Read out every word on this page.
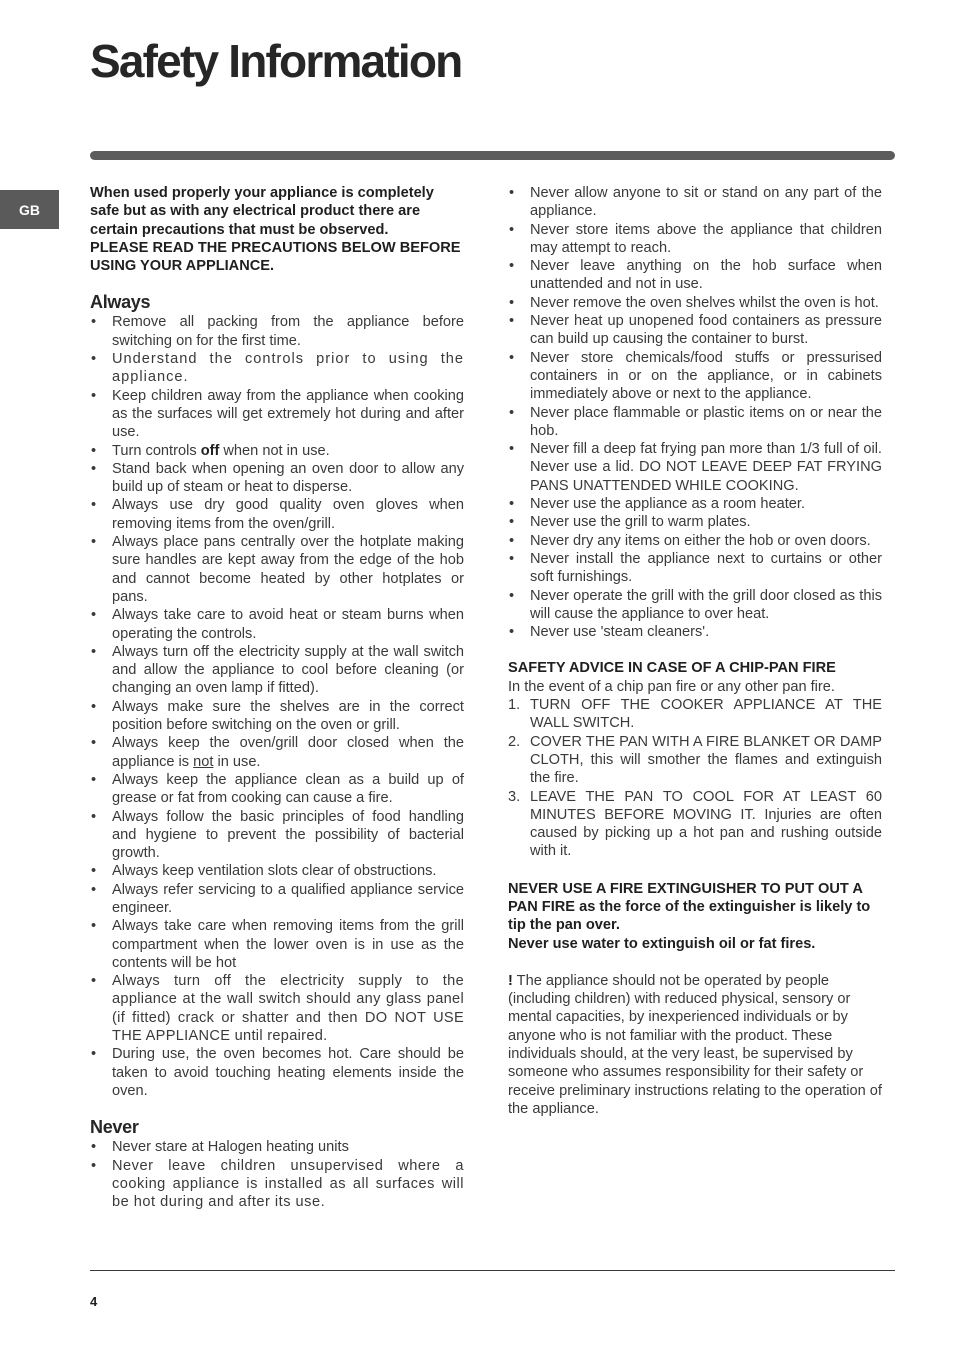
Safety Information
GB

When used properly your appliance is completely safe but as with any electrical product there are certain precautions that must be observed.
PLEASE READ THE PRECAUTIONS BELOW BEFORE USING YOUR APPLIANCE.

Always
• Remove all packing from the appliance before switching on for the first time.
• Understand the controls prior to using the appliance.
• Keep children away from the appliance when cooking as the surfaces will get extremely hot during and after use.
• Turn controls off when not in use.
• Stand back when opening an oven door to allow any build up of steam or heat to disperse.
• Always use dry good quality oven gloves when removing items from the oven/grill.
• Always place pans centrally over the hotplate making sure handles are kept away from the edge of the hob and cannot become heated by other hotplates or pans.
• Always take care to avoid heat or steam burns when operating the controls.
• Always turn off the electricity supply at the wall switch and allow the appliance to cool before cleaning (or changing an oven lamp if fitted).
• Always make sure the shelves are in the correct position before switching on the oven or grill.
• Always keep the oven/grill door closed when the appliance is not in use.
• Always keep the appliance clean as a build up of grease or fat from cooking can cause a fire.
• Always follow the basic principles of food handling and hygiene to prevent the possibility of bacterial growth.
• Always keep ventilation slots clear of obstructions.
• Always refer servicing to a qualified appliance service engineer.
• Always take care when removing items from the grill compartment when the lower oven is in use as the contents will be hot
• Always turn off the electricity supply to the appliance at the wall switch should any glass panel (if fitted) crack or shatter and then DO NOT USE THE APPLIANCE until repaired.
• During use, the oven becomes hot. Care should be taken to avoid touching heating elements inside the oven.
Never
• Never stare at Halogen heating units
• Never leave children unsupervised where a cooking appliance is installed as all surfaces will be hot during and after its use.
• Never allow anyone to sit or stand on any part of the appliance.
• Never store items above the appliance that children may attempt to reach.
• Never leave anything on the hob surface when unattended and not in use.
• Never remove the oven shelves whilst the oven is hot.
• Never heat up unopened food containers as pressure can build up causing the container to burst.
• Never store chemicals/food stuffs or pressurised containers in or on the appliance, or in cabinets immediately above or next to the appliance.
• Never place flammable or plastic items on or near the hob.
• Never fill a deep fat frying pan more than 1/3 full of oil. Never use a lid. DO NOT LEAVE DEEP FAT FRYING PANS UNATTENDED WHILE COOKING.
• Never use the appliance as a room heater.
• Never use the grill to warm plates.
• Never dry any items on either the hob or oven doors.
• Never install the appliance next to curtains or other soft furnishings.
• Never operate the grill with the grill door closed as this will cause the appliance to over heat.
• Never use 'steam cleaners'.

SAFETY ADVICE IN CASE OF A CHIP-PAN FIRE

In the event of a chip pan fire or any other pan fire.

1. TURN OFF THE COOKER APPLIANCE AT THE WALL SWITCH.
2. COVER THE PAN WITH A FIRE BLANKET OR DAMP CLOTH, this will smother the flames and extinguish the fire.
3. LEAVE THE PAN TO COOL FOR AT LEAST 60 MINUTES BEFORE MOVING IT. Injuries are often caused by picking up a hot pan and rushing outside with it.

NEVER USE A FIRE EXTINGUISHER TO PUT OUT A PAN FIRE as the force of the extinguisher is likely to tip the pan over.
Never use water to extinguish oil or fat fires.

! The appliance should not be operated by people (including children) with reduced physical, sensory or mental capacities, by inexperienced individuals or by anyone who is not familiar with the product. These individuals should, at the very least, be supervised by someone who assumes responsibility for their safety or receive preliminary instructions relating to the operation of the appliance.

4
